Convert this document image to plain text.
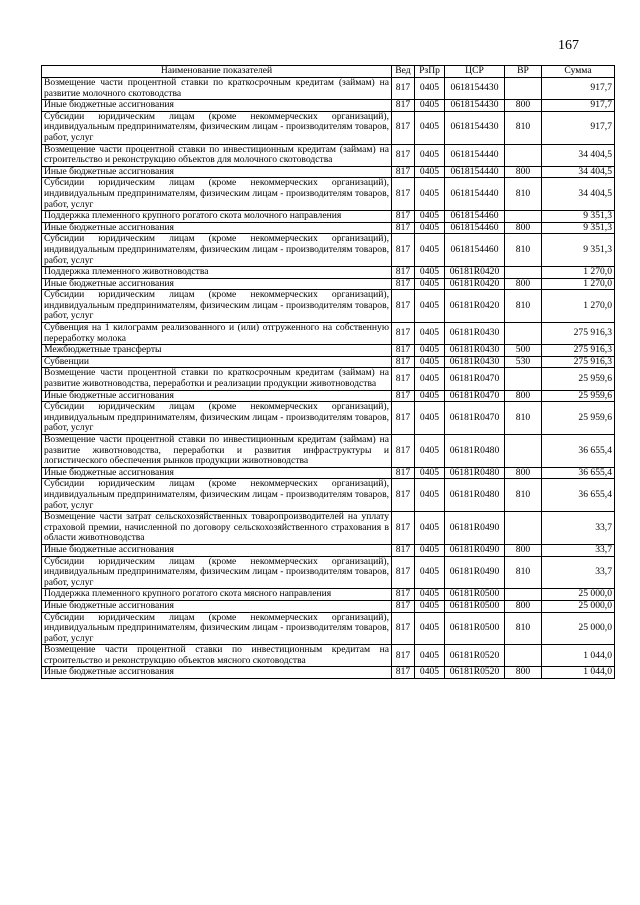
167
Наименование показателей	Вед	РзПр	ЦСР	ВР	Сумма
Возмещение части процентной ставки по краткосрочным кредитам (займам) на развитие молочного скотоводства	817	0405	0618154430		917,7
Иные бюджетные ассигнования	817	0405	0618154430	800	917,7
Субсидии юридическим лицам (кроме некоммерческих организаций), индивидуальным предпринимателям, физическим лицам - производителям товаров, работ, услуг	817	0405	0618154430	810	917,7
Возмещение части процентной ставки по инвестиционным кредитам (займам) на строительство и реконструкцию объектов для молочного скотоводства	817	0405	0618154440		34 404,5
Иные бюджетные ассигнования	817	0405	0618154440	800	34 404,5
Субсидии юридическим лицам (кроме некоммерческих организаций), индивидуальным предпринимателям, физическим лицам - производителям товаров, работ, услуг	817	0405	0618154440	810	34 404,5
Поддержка племенного крупного рогатого скота молочного направления	817	0405	0618154460		9 351,3
Иные бюджетные ассигнования	817	0405	0618154460	800	9 351,3
Субсидии юридическим лицам (кроме некоммерческих организаций), индивидуальным предпринимателям, физическим лицам - производителям товаров, работ, услуг	817	0405	0618154460	810	9 351,3
Поддержка племенного животноводства	817	0405	06181R0420		1 270,0
Иные бюджетные ассигнования	817	0405	06181R0420	800	1 270,0
Субсидии юридическим лицам (кроме некоммерческих организаций), индивидуальным предпринимателям, физическим лицам - производителям товаров, работ, услуг	817	0405	06181R0420	810	1 270,0
Субвенция на 1 килограмм реализованного и (или) отгруженного на собственную переработку молока	817	0405	06181R0430		275 916,3
Межбюджетные трансферты	817	0405	06181R0430	500	275 916,3
Субвенции	817	0405	06181R0430	530	275 916,3
Возмещение части процентной ставки по краткосрочным кредитам (займам) на развитие животноводства, переработки и реализации продукции животноводства	817	0405	06181R0470		25 959,6
Иные бюджетные ассигнования	817	0405	06181R0470	800	25 959,6
Субсидии юридическим лицам (кроме некоммерческих организаций), индивидуальным предпринимателям, физическим лицам - производителям товаров, работ, услуг	817	0405	06181R0470	810	25 959,6
Возмещение части процентной ставки по инвестиционным кредитам (займам) на развитие животноводства, переработки и развития инфраструктуры и логистического обеспечения рынков продукции животноводства	817	0405	06181R0480		36 655,4
Иные бюджетные ассигнования	817	0405	06181R0480	800	36 655,4
Субсидии юридическим лицам (кроме некоммерческих организаций), индивидуальным предпринимателям, физическим лицам - производителям товаров, работ, услуг	817	0405	06181R0480	810	36 655,4
Возмещение части затрат сельскохозяйственных товаропроизводителей на уплату страховой премии, начисленной по договору сельскохозяйственного страхования в области животноводства	817	0405	06181R0490		33,7
Иные бюджетные ассигнования	817	0405	06181R0490	800	33,7
Субсидии юридическим лицам (кроме некоммерческих организаций), индивидуальным предпринимателям, физическим лицам - производителям товаров, работ, услуг	817	0405	06181R0490	810	33,7
Поддержка племенного крупного рогатого скота мясного направления	817	0405	06181R0500		25 000,0
Иные бюджетные ассигнования	817	0405	06181R0500	800	25 000,0
Субсидии юридическим лицам (кроме некоммерческих организаций), индивидуальным предпринимателям, физическим лицам - производителям товаров, работ, услуг	817	0405	06181R0500	810	25 000,0
Возмещение части процентной ставки по инвестиционным кредитам на строительство и реконструкцию объектов мясного скотоводства	817	0405	06181R0520		1 044,0
Иные бюджетные ассигнования	817	0405	06181R0520	800	1 044,0
